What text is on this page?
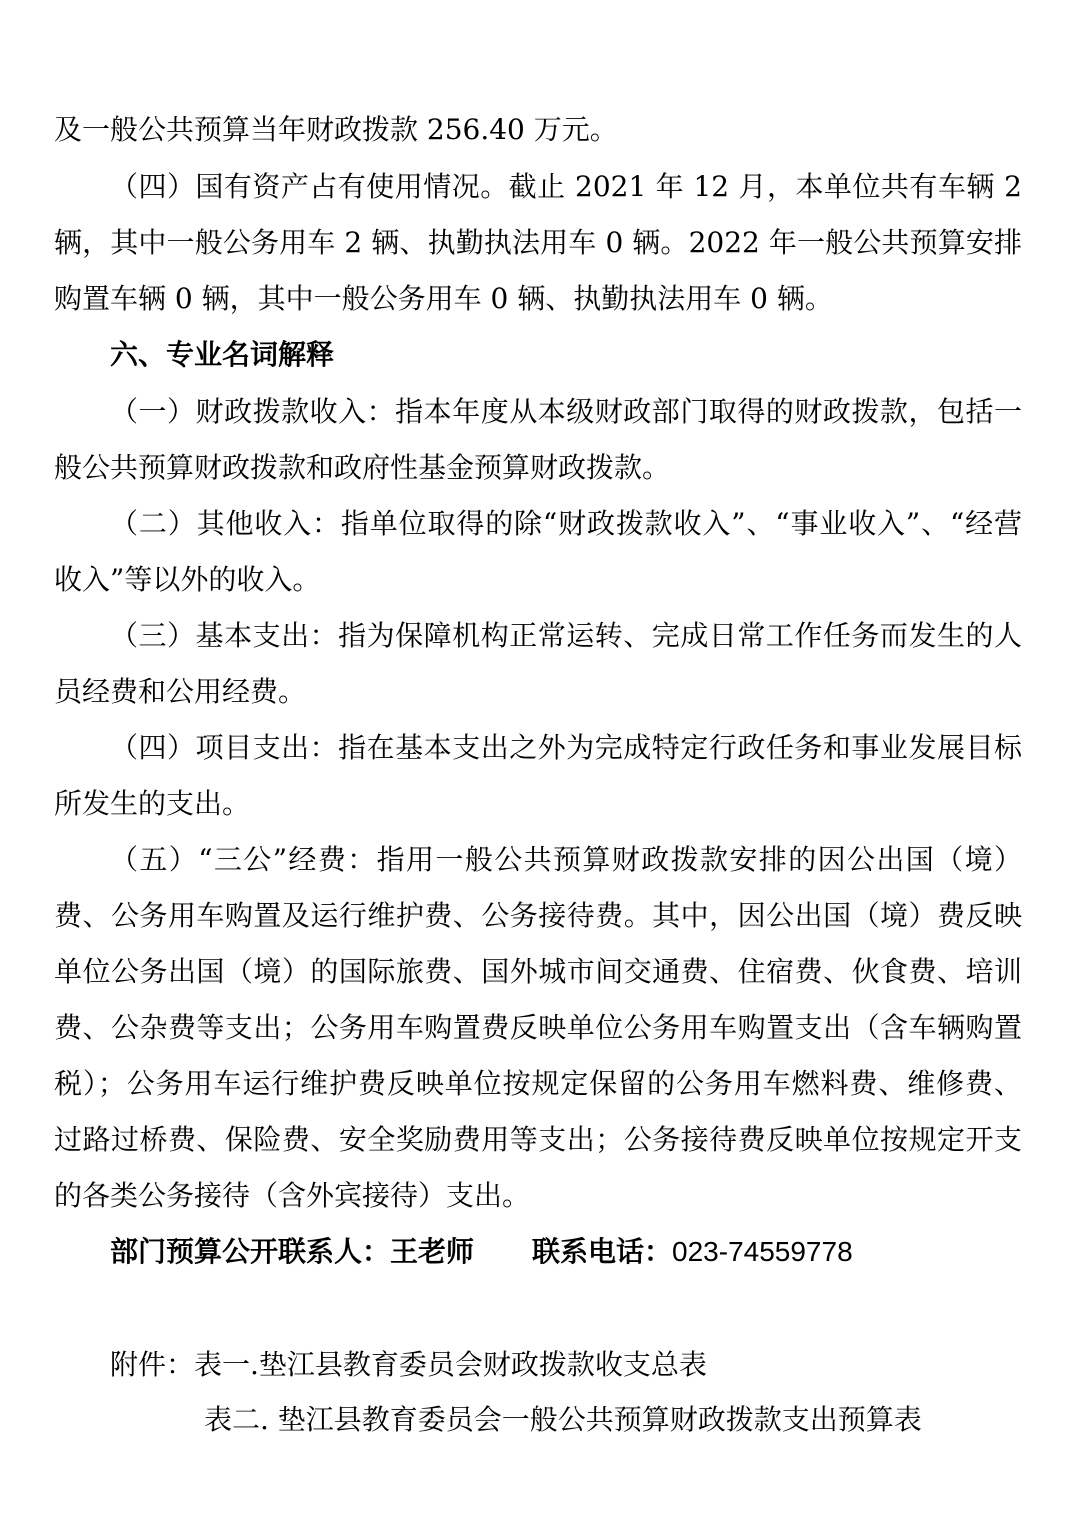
及一般公共预算当年财政拨款 256.40 万元。
（四）国有资产占有使用情况。截止 2021 年 12 月，本单位共有车辆 2
辆，其中一般公务用车 2 辆、执勤执法用车 0 辆。2022 年一般公共预算安排
购置车辆 0 辆，其中一般公务用车 0 辆、执勤执法用车 0 辆。
六、专业名词解释
（一）财政拨款收入：指本年度从本级财政部门取得的财政拨款，包括一
般公共预算财政拨款和政府性基金预算财政拨款。
（二）其他收入：指单位取得的除“财政拨款收入”、“事业收入”、“经营
收入”等以外的收入。
（三）基本支出：指为保障机构正常运转、完成日常工作任务而发生的人
员经费和公用经费。
（四）项目支出：指在基本支出之外为完成特定行政任务和事业发展目标
所发生的支出。
（五）“三公”经费：指用一般公共预算财政拨款安排的因公出国（境）
费、公务用车购置及运行维护费、公务接待费。其中，因公出国（境）费反映
单位公务出国（境）的国际旅费、国外城市间交通费、住宿费、伙食费、培训
费、公杂费等支出；公务用车购置费反映单位公务用车购置支出（含车辆购置
税）；公务用车运行维护费反映单位按规定保留的公务用车燃料费、维修费、
过路过桥费、保险费、安全奖励费用等支出；公务接待费反映单位按规定开支
的各类公务接待（含外宾接待）支出。
部门预算公开联系人：王老师 联系电话：023-74559778
附件：表一.垫江县教育委员会财政拨款收支总表
表二. 垫江县教育委员会一般公共预算财政拨款支出预算表
